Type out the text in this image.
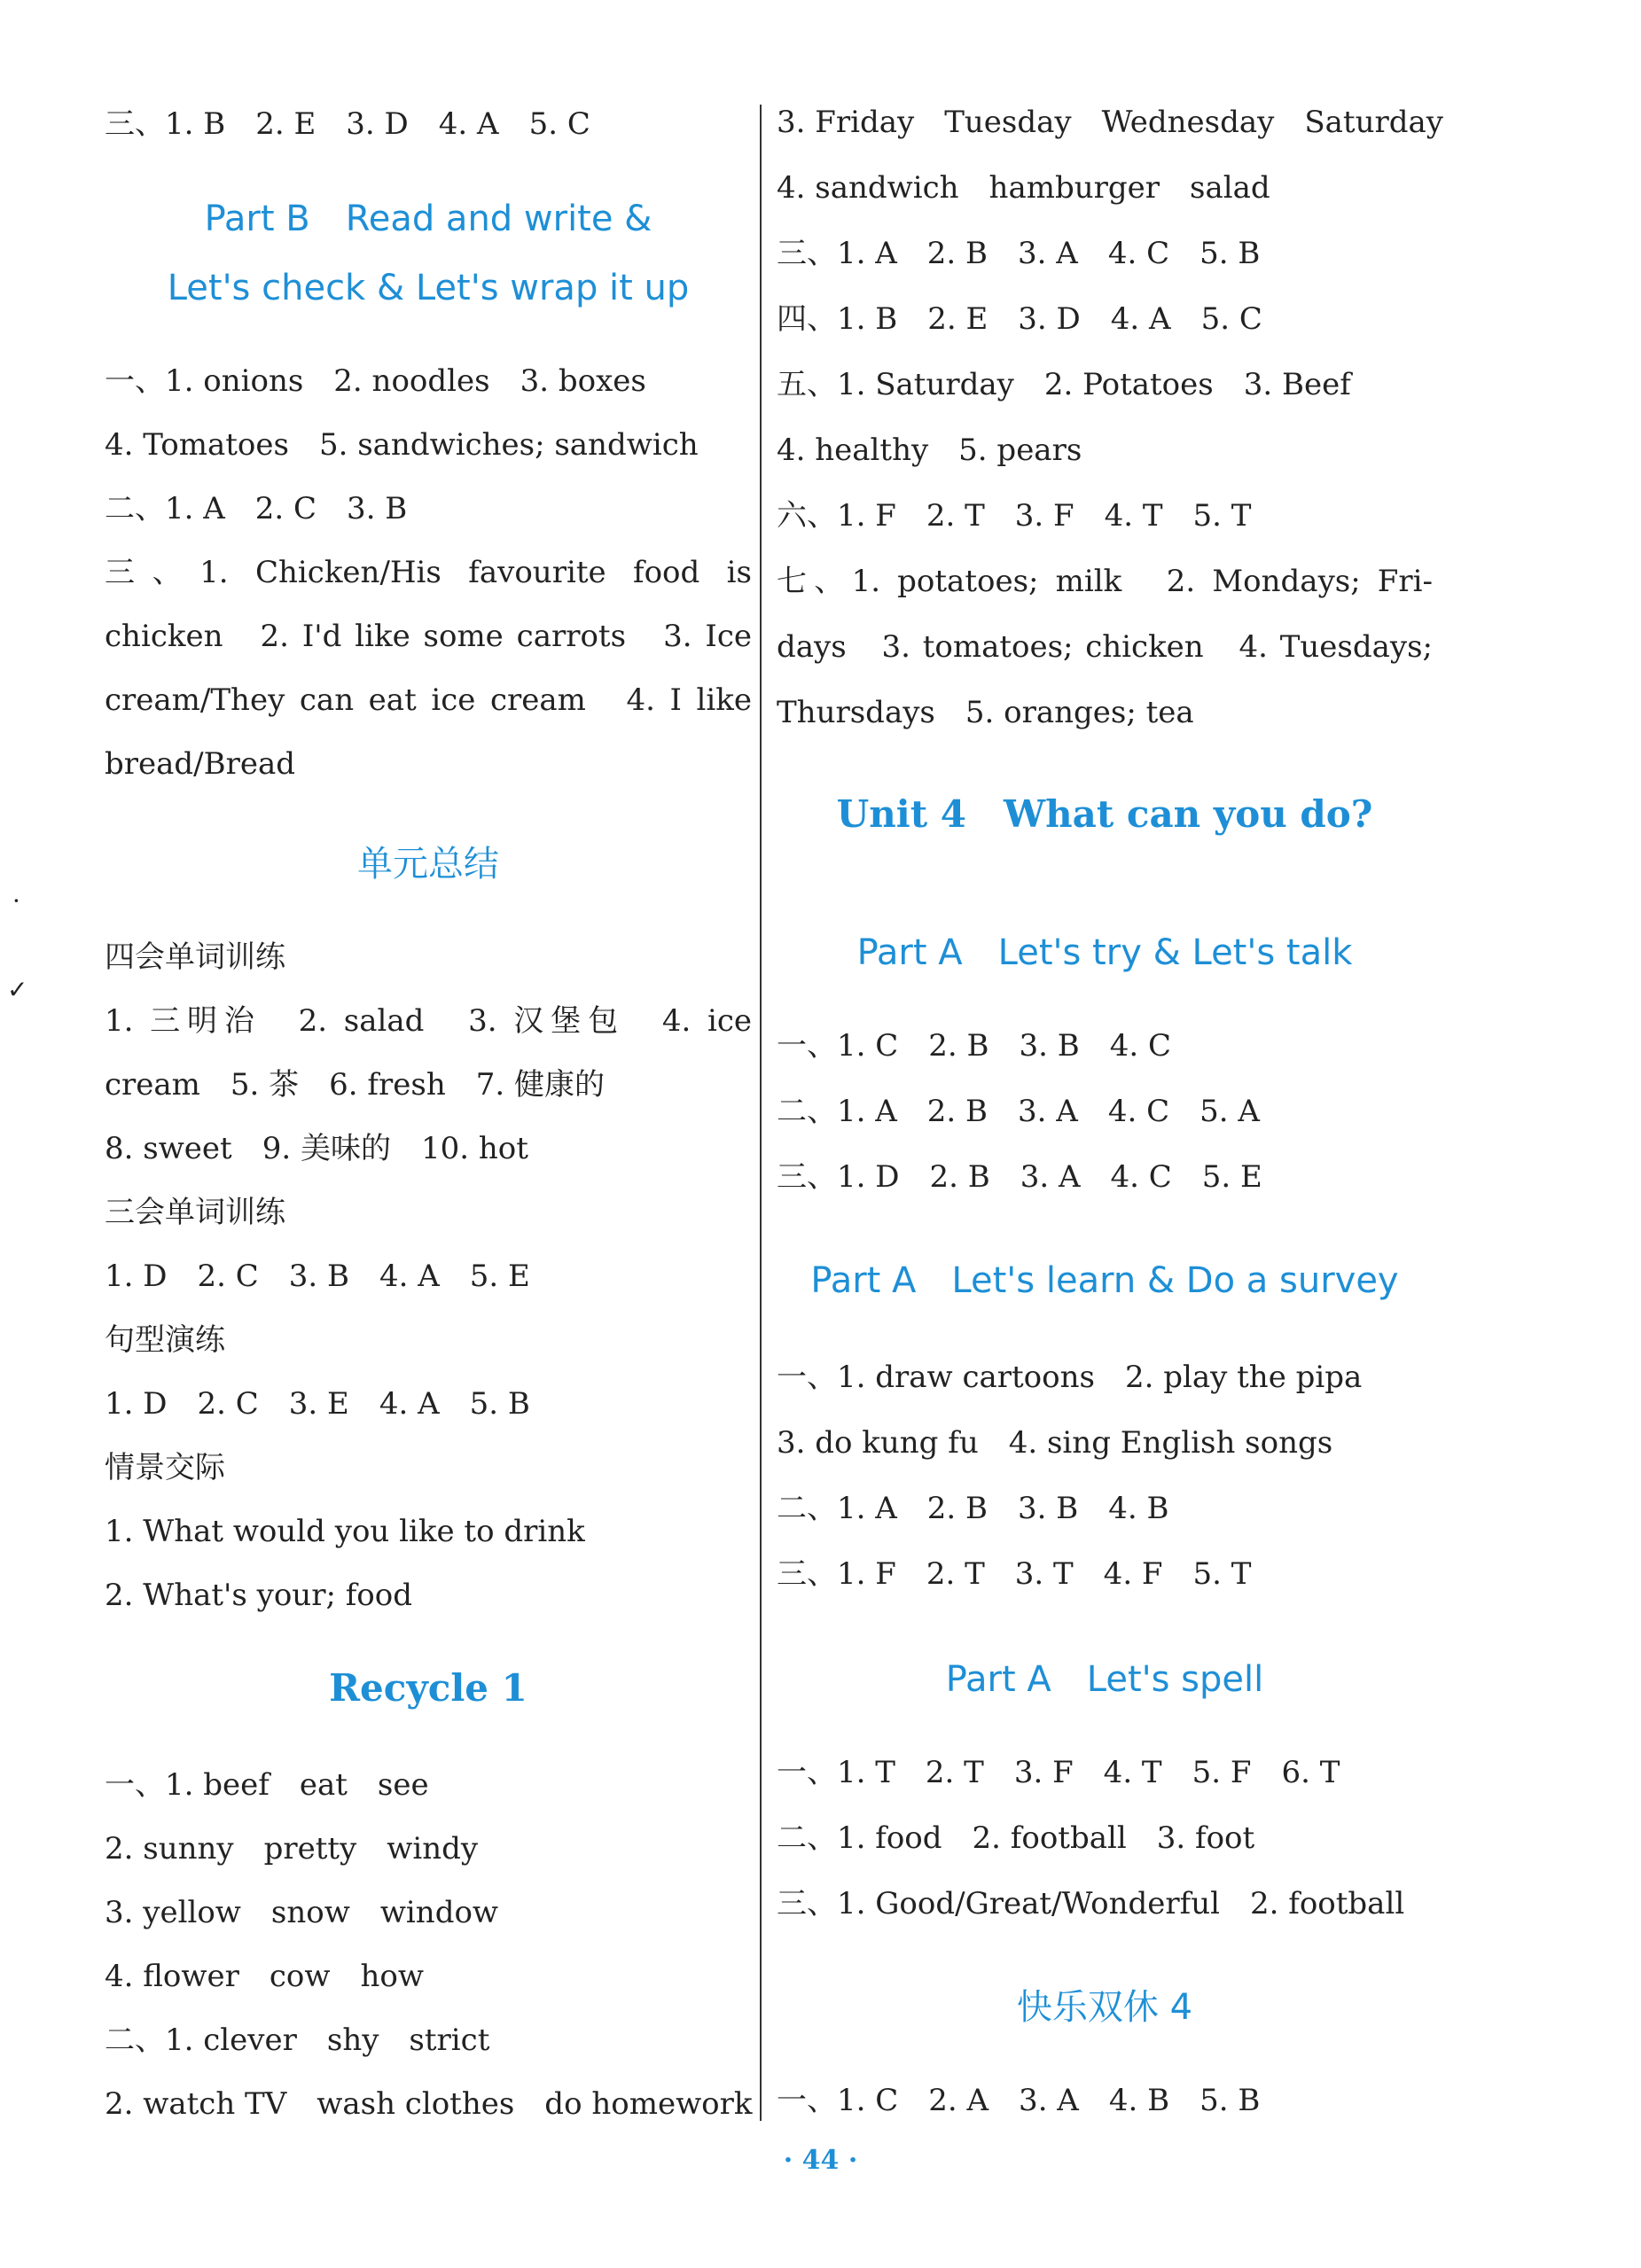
三、1. B　2. E　3. D　4. A　5. C

Part B　Read and write &
Let's check & Let's wrap it up

一、1. onions　2. noodles　3. boxes

4. Tomatoes　5. sandwiches; sandwich

二、1. A　2. C　3. B

三、1. Chicken/His favourite food is

chicken　2. I'd like some carrots　3. Ice

cream/They can eat ice cream　4. I like

bread/Bread

单元总结

四会单词训练

1. 三明治　2. salad　3. 汉堡包　4. ice

cream　5. 茶　6. fresh　7. 健康的

8. sweet　9. 美味的　10. hot

三会单词训练

1. D　2. C　3. B　4. A　5. E

句型演练

1. D　2. C　3. E　4. A　5. B

情景交际

1. What would you like to drink

2. What's your; food

Recycle 1

一、1. beef　eat　see

2. sunny　pretty　windy

3. yellow　snow　window

4. flower　cow　how

二、1. clever　shy　strict

2. watch TV　wash clothes　do homework

3. Friday　Tuesday　Wednesday　Saturday

4. sandwich　hamburger　salad

三、1. A　2. B　3. A　4. C　5. B

四、1. B　2. E　3. D　4. A　5. C

五、1. Saturday　2. Potatoes　3. Beef

4. healthy　5. pears

六、1. F　2. T　3. F　4. T　5. T

七、1. potatoes; milk　2. Mondays; Fri-

days　3. tomatoes; chicken　4. Tuesdays;

Thursdays　5. oranges; tea

Unit 4　What can you do?
Part A　Let's try & Let's talk

一、1. C　2. B　3. B　4. C

二、1. A　2. B　3. A　4. C　5. A

三、1. D　2. B　3. A　4. C　5. E

Part A　Let's learn & Do a survey

一、1. draw cartoons　2. play the pipa

3. do kung fu　4. sing English songs

二、1. A　2. B　3. B　4. B

三、1. F　2. T　3. T　4. F　5. T

Part A　Let's spell

一、1. T　2. T　3. F　4. T　5. F　6. T

二、1. food　2. football　3. foot

三、1. Good/Great/Wonderful　2. football

快乐双休 4

一、1. C　2. A　3. A　4. B　5. B

·
✓
· 44 ·
